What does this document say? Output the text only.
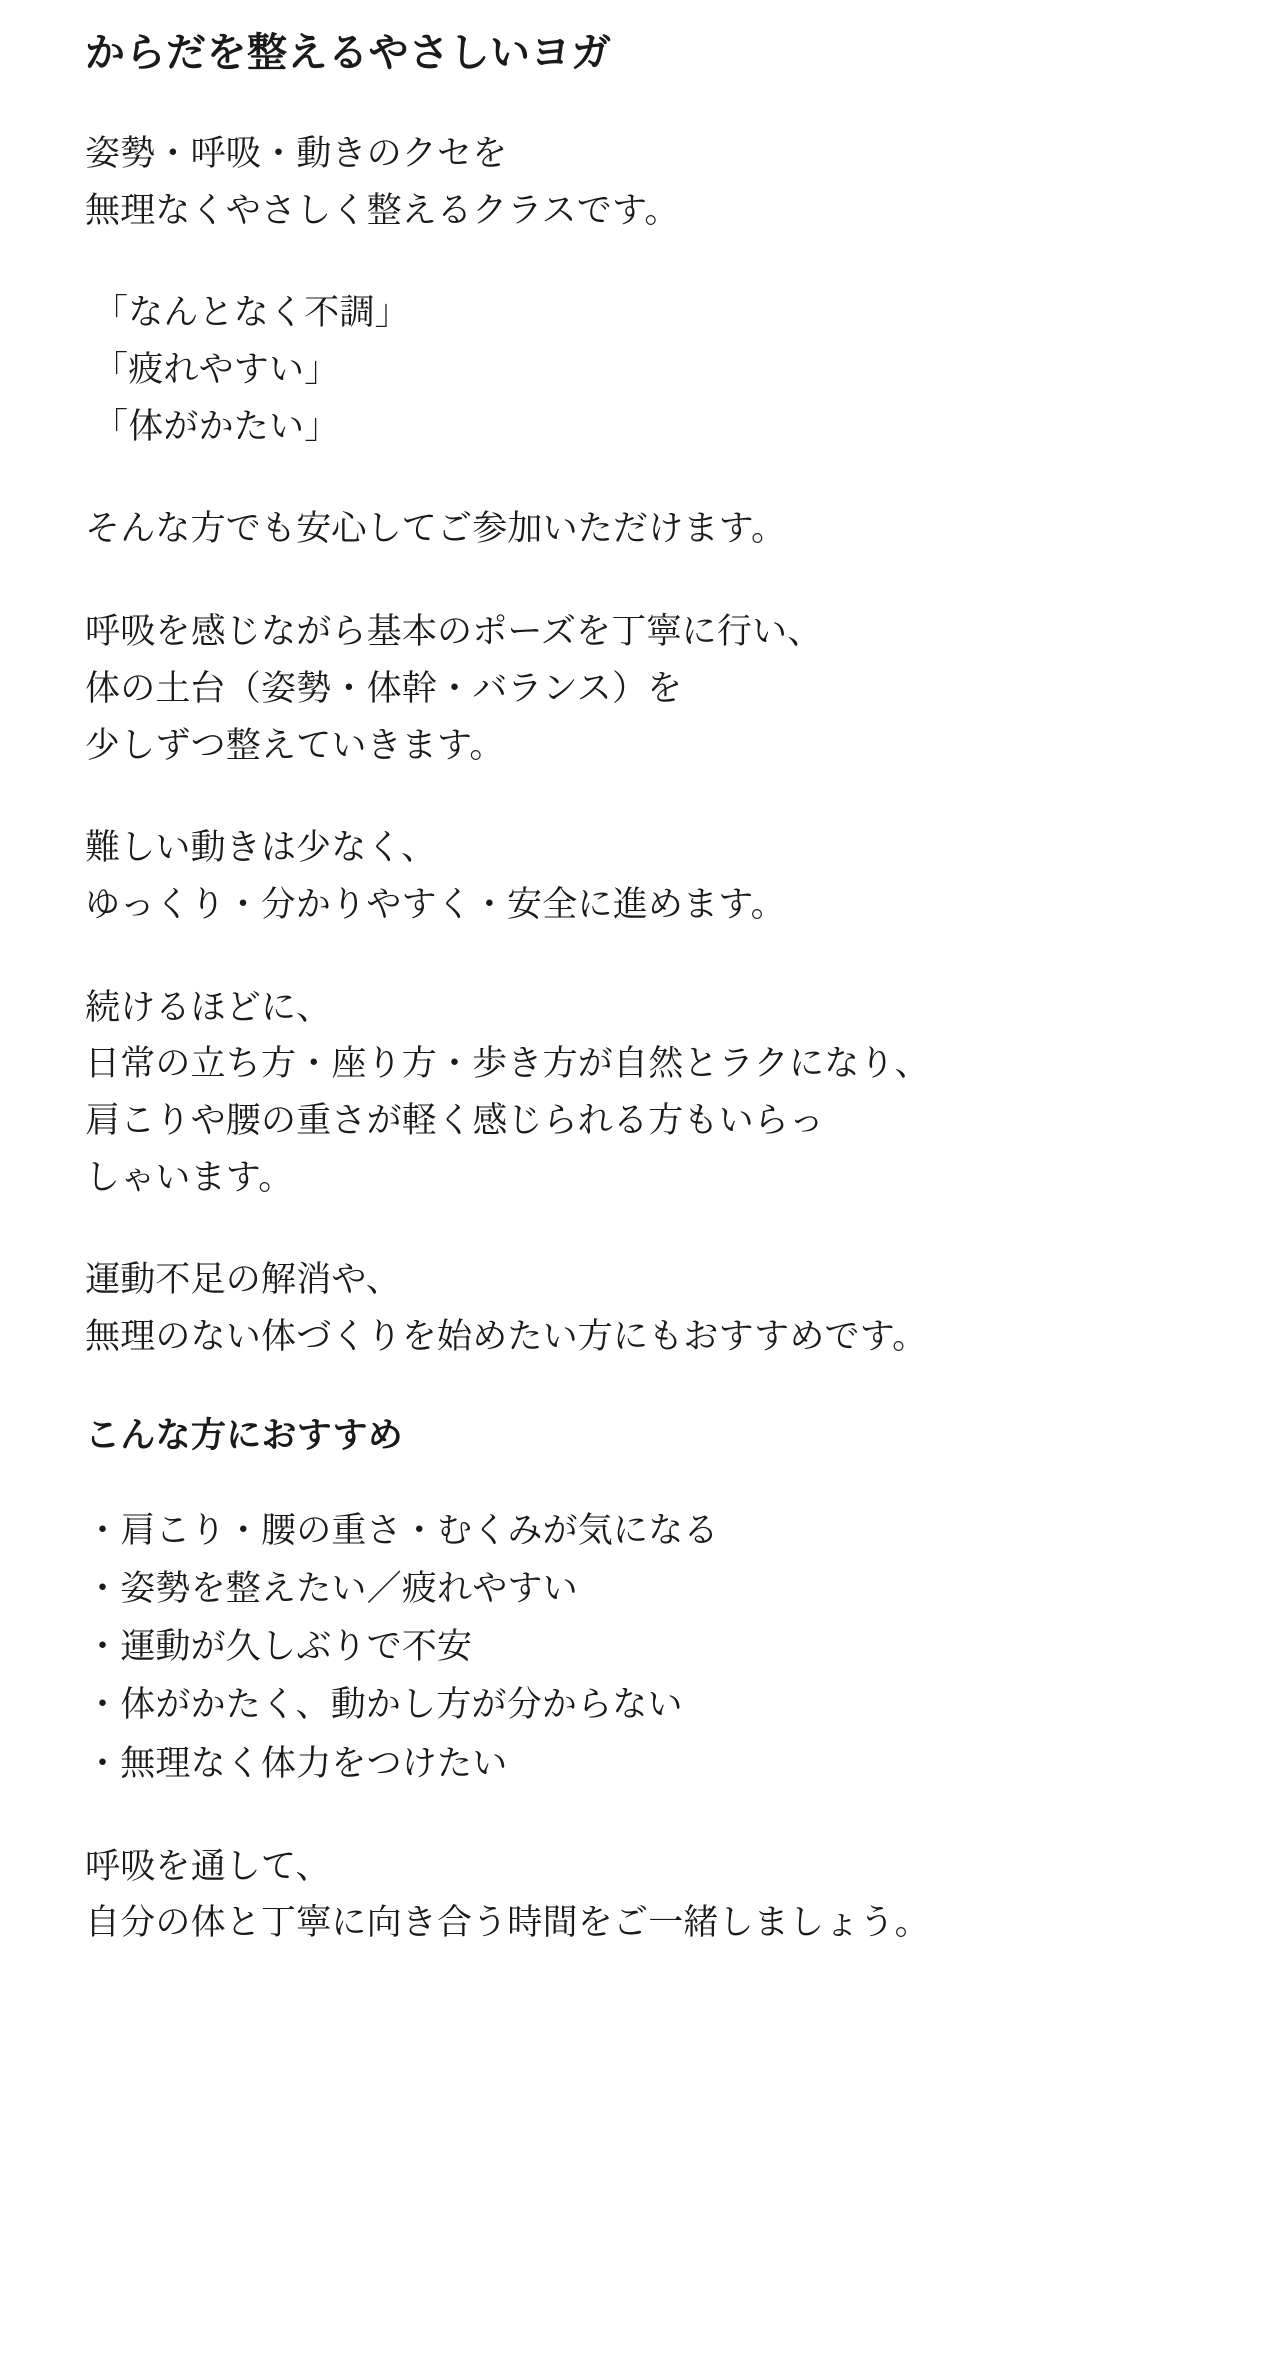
からだを整えるやさしいヨガ
姿勢・呼吸・動きのクセを
無理なくやさしく整えるクラスです。
「なんとなく不調」
「疲れやすい」
「体がかたい」
そんな方でも安心してご参加いただけます。
呼吸を感じながら基本のポーズを丁寧に行い、
体の土台（姿勢・体幹・バランス）を
少しずつ整えていきます。
難しい動きは少なく、
ゆっくり・分かりやすく・安全に進めます。
続けるほどに、
日常の立ち方・座り方・歩き方が自然とラクになり、
肩こりや腰の重さが軽く感じられる方もいらっ
しゃいます。
運動不足の解消や、
無理のない体づくりを始めたい方にもおすすめです。
こんな方におすすめ
・肩こり・腰の重さ・むくみが気になる
・姿勢を整えたい／疲れやすい
・運動が久しぶりで不安
・体がかたく、動かし方が分からない
・無理なく体力をつけたい
呼吸を通して、
自分の体と丁寧に向き合う時間をご一緒しましょう。
